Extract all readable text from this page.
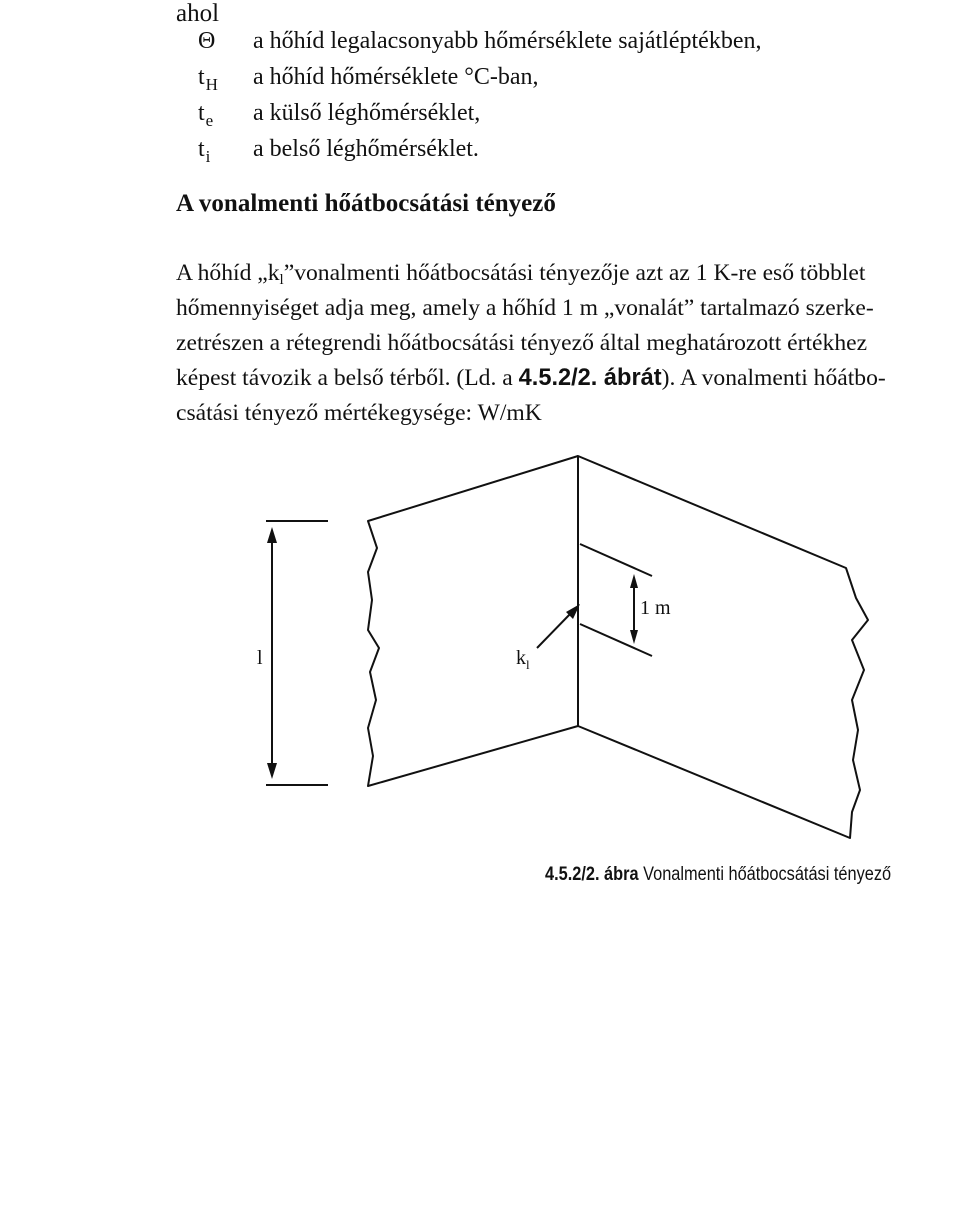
ahol

Θ a hőhíd legalacsonyabb hőmérséklete sajátléptékben,
$t_H$ a hőhíd hőmérséklete °C-ban,
$t_e$ a külső léghőmérséklet,
$t_i$ a belső léghőmérséklet.
A vonalmenti hőátbocsátási tényező
A hőhíd $„k_l”vonalmenti$ hőátbocsátási tényezője azt az 1 K-re eső többlet
hőmennyiséget adja meg, amely a hőhíd 1 m „vonalát” tartalmazó szerke-
zetrészen a rétegrendi hőátbocsátási tényező által meghatározott értékhez
képest távozik a belső térből. (Ld. a 4.5.2/2. ábrát). A vonalmenti hőátbo-
csátási tényező mértékegysége: W/mK
l
1 m
$k_l$
4.5.2/2. ábra Vonalmenti hőátbocsátási tényező
